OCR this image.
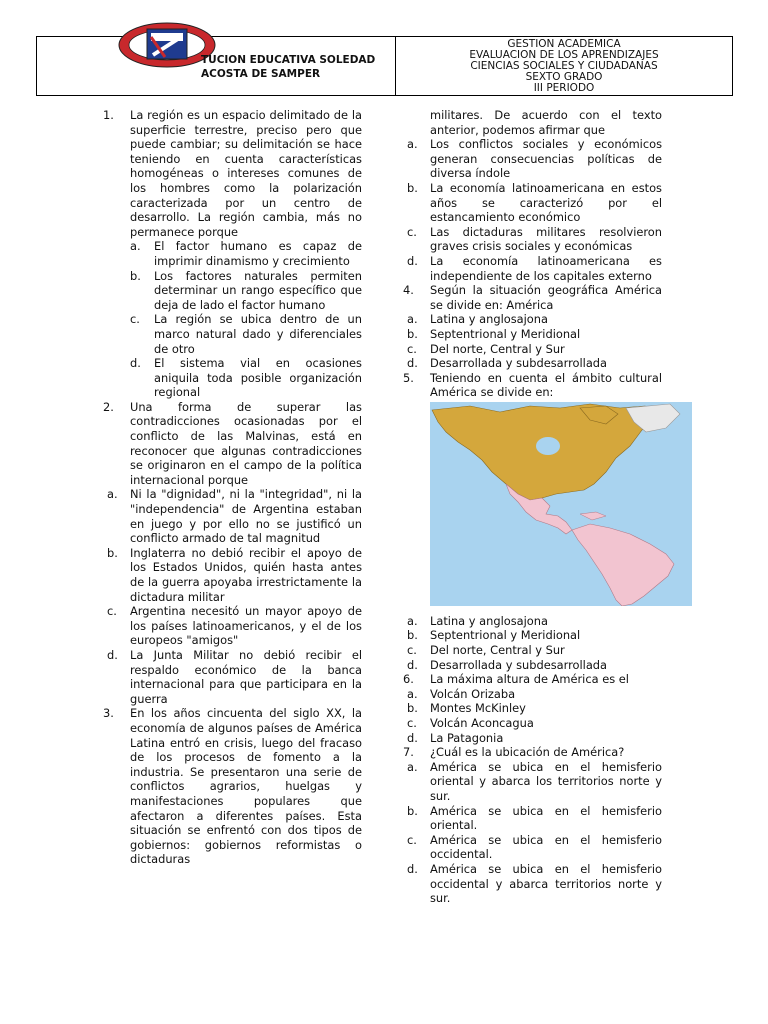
TUCION EDUCATIVA SOLEDAD
ACOSTA DE SAMPER
GESTION ACADEMICA
EVALUACION DE LOS APRENDIZAJES
CIENCIAS SOCIALES Y CIUDADANAS
SEXTO GRADO
III PERIODO
1. La región es un espacio delimitado de la superficie terrestre, preciso pero que puede cambiar; su delimitación se hace teniendo en cuenta características homogéneas o intereses comunes de los hombres como la polarización caracterizada por un centro de desarrollo. La región cambia, más no permanece porque
a. El factor humano es capaz de imprimir dinamismo y crecimiento
b. Los factores naturales permiten determinar un rango específico que deja de lado el factor humano
c. La región se ubica dentro de un marco natural dado y diferenciales de otro
d. El sistema vial en ocasiones aniquila toda posible organización regional
2. Una forma de superar las contradicciones ocasionadas por el conflicto de las Malvinas, está en reconocer que algunas contradicciones se originaron en el campo de la política internacional porque
a. Ni la "dignidad", ni la "integridad", ni la "independencia" de Argentina estaban en juego y por ello no se justificó un conflicto armado de tal magnitud
b. Inglaterra no debió recibir el apoyo de los Estados Unidos, quién hasta antes de la guerra apoyaba irrestrictamente la dictadura militar
c. Argentina necesitó un mayor apoyo de los países latinoamericanos, y el de los europeos "amigos"
d. La Junta Militar no debió recibir el respaldo económico de la banca internacional para que participara en la guerra
3. En los años cincuenta del siglo XX, la economía de algunos países de América Latina entró en crisis, luego del fracaso de los procesos de fomento a la industria. Se presentaron una serie de conflictos agrarios, huelgas y manifestaciones populares que afectaron a diferentes países. Esta situación se enfrentó con dos tipos de gobiernos: gobiernos reformistas o dictaduras
militares. De acuerdo con el texto anterior, podemos afirmar que
a. Los conflictos sociales y económicos generan consecuencias políticas de diversa índole
b. La economía latinoamericana en estos años se caracterizó por el estancamiento económico
c. Las dictaduras militares resolvieron graves crisis sociales y económicas
d. La economía latinoamericana es independiente de los capitales externo
4. Según la situación geográfica América se divide en: América
a. Latina y anglosajona
b. Septentrional y Meridional
c. Del norte, Central y Sur
d. Desarrollada y subdesarrollada
5. Teniendo en cuenta el ámbito cultural América se divide en:
a. Latina y anglosajona
b. Septentrional y Meridional
c. Del norte, Central y Sur
d. Desarrollada y subdesarrollada
6. La máxima altura de América es el
a. Volcán Orizaba
b. Montes McKinley
c. Volcán Aconcagua
d. La Patagonia
7. ¿Cuál es la ubicación de América?
a. América se ubica en el hemisferio oriental y abarca los territorios norte y sur.
b. América se ubica en el hemisferio oriental.
c. América se ubica en el hemisferio occidental.
d. América se ubica en el hemisferio occidental y abarca territorios norte y sur.
